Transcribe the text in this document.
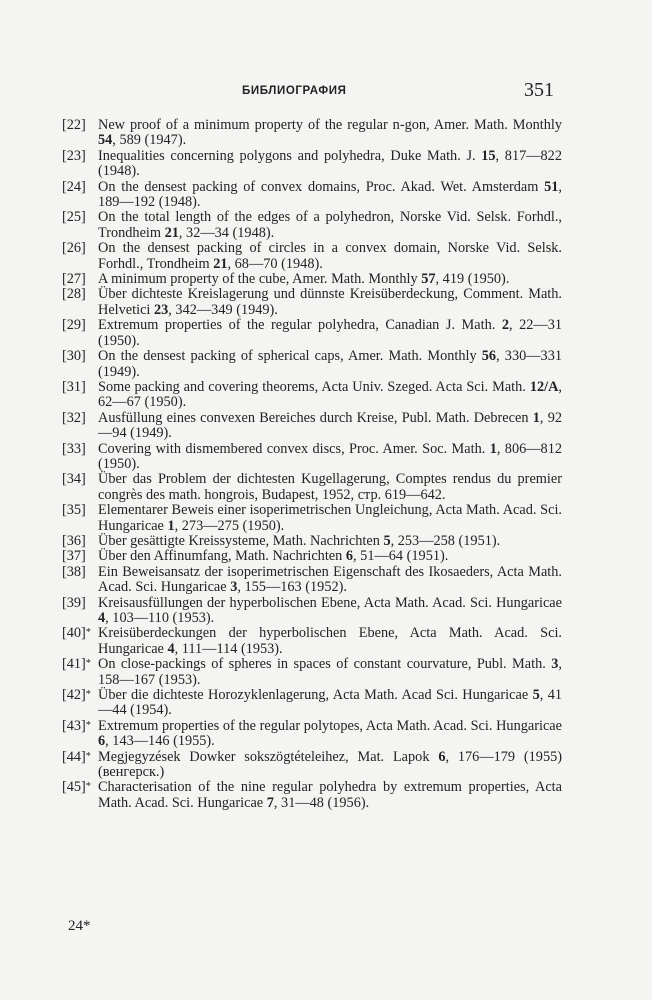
БИБЛИОГРАФИЯ	351
[22] New proof of a minimum property of the regular n-gon, Amer. Math. Monthly 54, 589 (1947).
[23] Inequalities concerning polygons and polyhedra, Duke Math. J. 15, 817—822 (1948).
[24] On the densest packing of convex domains, Proc. Akad. Wet. Amsterdam 51, 189—192 (1948).
[25] On the total length of the edges of a polyhedron, Norske Vid. Selsk. Forhdl., Trondheim 21, 32—34 (1948).
[26] On the densest packing of circles in a convex domain, Norske Vid. Selsk. Forhdl., Trondheim 21, 68—70 (1948).
[27] A minimum property of the cube, Amer. Math. Monthly 57, 419 (1950).
[28] Über dichteste Kreislagerung und dünnste Kreisüberdeckung, Comment. Math. Helvetici 23, 342—349 (1949).
[29] Extremum properties of the regular polyhedra, Canadian J. Math. 2, 22—31 (1950).
[30] On the densest packing of spherical caps, Amer. Math. Monthly 56, 330—331 (1949).
[31] Some packing and covering theorems, Acta Univ. Szeged. Acta Sci. Math. 12/A, 62—67 (1950).
[32] Ausfüllung eines convexen Bereiches durch Kreise, Publ. Math. Debrecen 1, 92—94 (1949).
[33] Covering with dismembered convex discs, Proc. Amer. Soc. Math. 1, 806—812 (1950).
[34] Über das Problem der dichtesten Kugellagerung, Comptes rendus du premier congrès des math. hongrois, Budapest, 1952, стр. 619—642.
[35] Elementarer Beweis einer isoperimetrischen Ungleichung, Acta Math. Acad. Sci. Hungaricae 1, 273—275 (1950).
[36] Über gesättigte Kreissysteme, Math. Nachrichten 5, 253—258 (1951).
[37] Über den Affinumfang, Math. Nachrichten 6, 51—64 (1951).
[38] Ein Beweisansatz der isoperimetrischen Eigenschaft des Ikosaeders, Acta Math. Acad. Sci. Hungaricae 3, 155—163 (1952).
[39] Kreisausfüllungen der hyperbolischen Ebene, Acta Math. Acad. Sci. Hungaricae 4, 103—110 (1953).
[40]* Kreisüberdeckungen der hyperbolischen Ebene, Acta Math. Acad. Sci. Hungaricae 4, 111—114 (1953).
[41]* On close-packings of spheres in spaces of constant courvature, Publ. Math. 3, 158—167 (1953).
[42]* Über die dichteste Horozyklenlagerung, Acta Math. Acad Sci. Hungaricae 5, 41—44 (1954).
[43]* Extremum properties of the regular polytopes, Acta Math. Acad. Sci. Hungaricae 6, 143—146 (1955).
[44]* Megjegyzések Dowker sokszögtételeihez, Mat. Lapok 6, 176—179 (1955) (венгерск.)
[45]* Characterisation of the nine regular polyhedra by extremum properties, Acta Math. Acad. Sci. Hungaricae 7, 31—48 (1956).
24*
